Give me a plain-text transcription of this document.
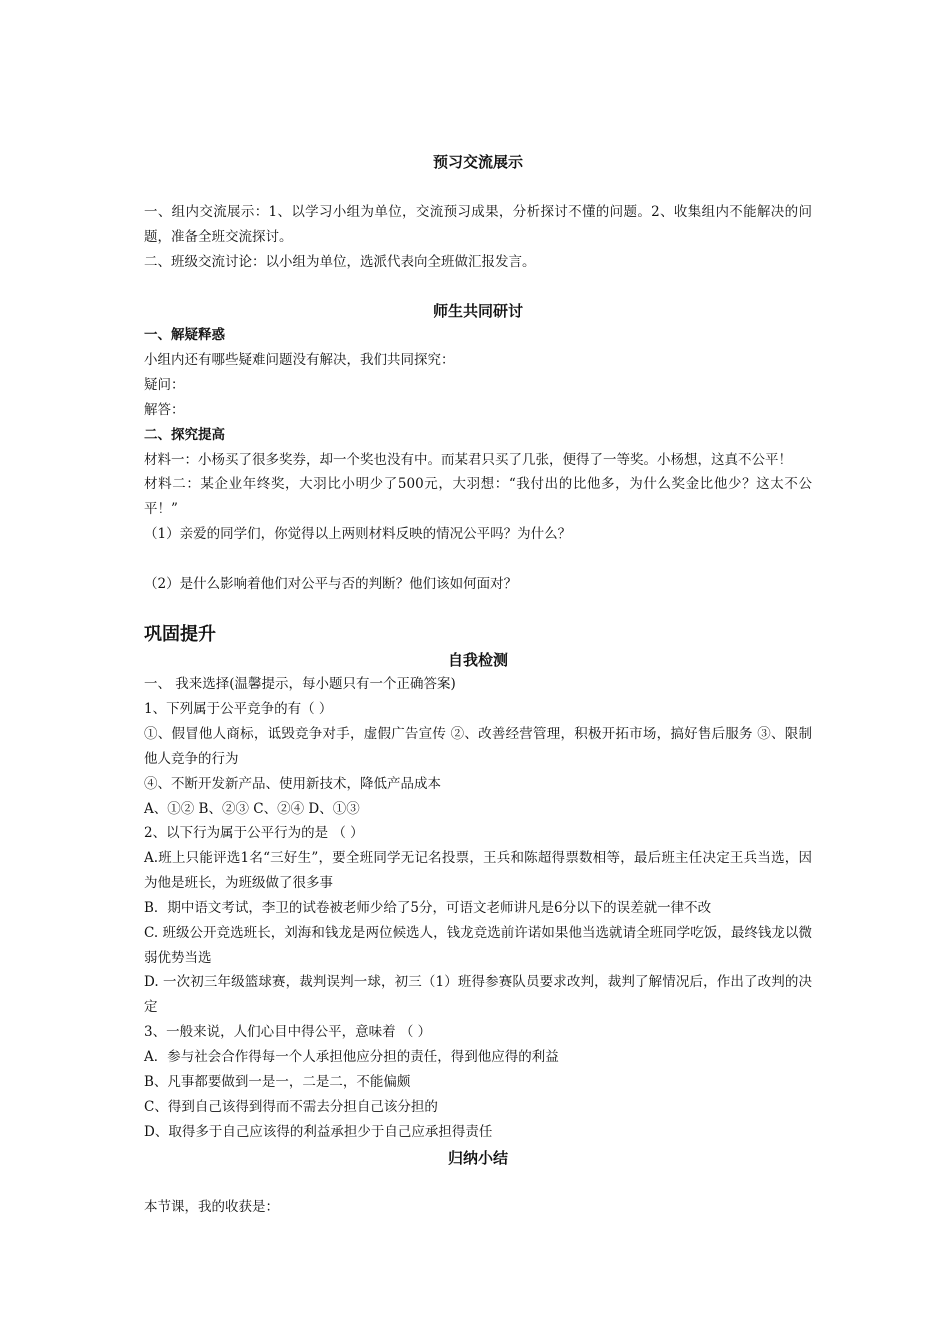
预习交流展示
一、组内交流展示：1、以学习小组为单位，交流预习成果，分析探讨不懂的问题。2、收集组内不能解决的问题，准备全班交流探讨。
二、班级交流讨论：以小组为单位，选派代表向全班做汇报发言。
师生共同研讨
一、解疑释惑
小组内还有哪些疑难问题没有解决，我们共同探究：
疑问：
解答：
二、探究提高
材料一：小杨买了很多奖券，却一个奖也没有中。而某君只买了几张，便得了一等奖。小杨想，这真不公平！
材料二：某企业年终奖，大羽比小明少了500元，大羽想：“我付出的比他多，为什么奖金比他少？这太不公平！”
（1）亲爱的同学们，你觉得以上两则材料反映的情况公平吗？为什么？
（2）是什么影响着他们对公平与否的判断？他们该如何面对？
巩固提升
自我检测
一、 我来选择(温馨提示，每小题只有一个正确答案)
1、下列属于公平竞争的有（ ）
①、假冒他人商标，诋毁竞争对手，虚假广告宣传 ②、改善经营管理，积极开拓市场，搞好售后服务 ③、限制他人竞争的行为
④、不断开发新产品、使用新技术，降低产品成本
A、①② B、②③ C、②④ D、①③
2、以下行为属于公平行为的是 （ ）
A.班上只能评选1名“三好生”，要全班同学无记名投票，王兵和陈超得票数相等，最后班主任决定王兵当选，因为他是班长，为班级做了很多事
B．期中语文考试，李卫的试卷被老师少给了5分，可语文老师讲凡是6分以下的误差就一律不改
C. 班级公开竞选班长，刘海和钱龙是两位候选人，钱龙竞选前许诺如果他当选就请全班同学吃饭，最终钱龙以微弱优势当选
D. 一次初三年级篮球赛，裁判误判一球，初三（1）班得参赛队员要求改判，裁判了解情况后，作出了改判的决定
3、一般来说，人们心目中得公平，意味着 （ ）
A．参与社会合作得每一个人承担他应分担的责任，得到他应得的利益
B、凡事都要做到一是一，二是二，不能偏颇
C、得到自己该得到得而不需去分担自己该分担的
D、取得多于自己应该得的利益承担少于自己应承担得责任
归纳小结
本节课，我的收获是：
